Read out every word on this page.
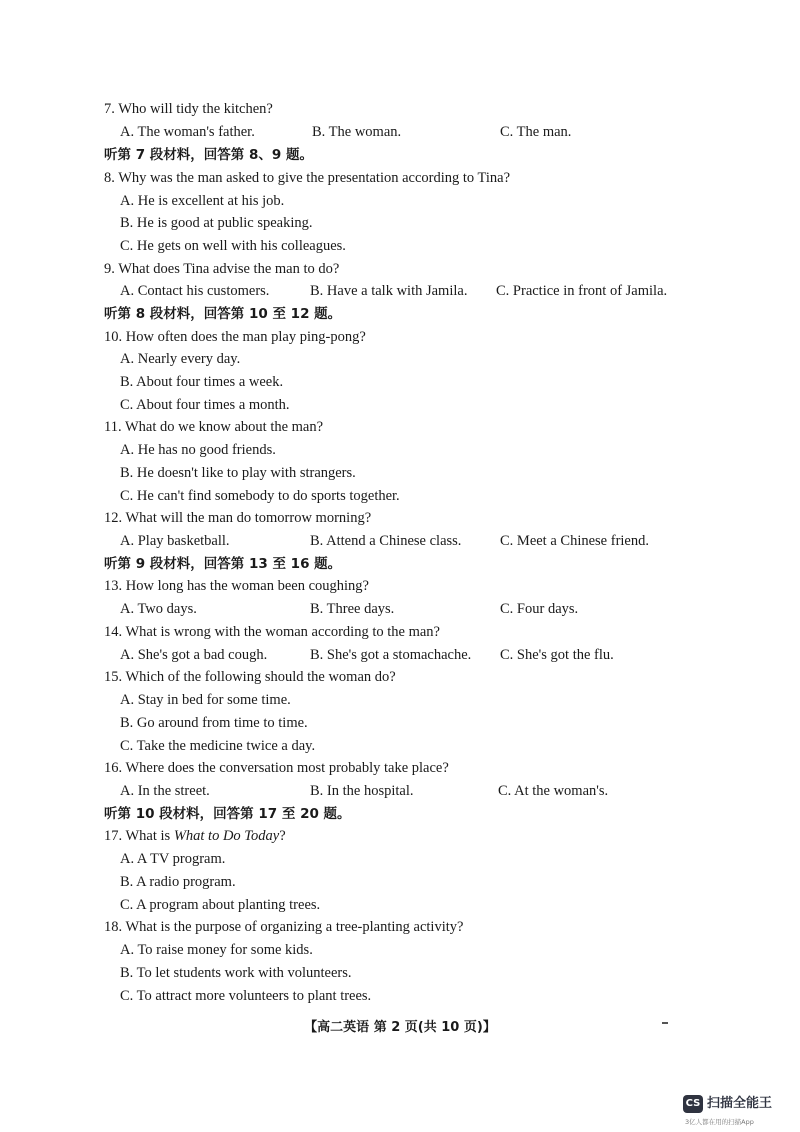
7. Who will tidy the kitchen?
A. The woman's father.	B. The woman.	C. The man.
听第 7 段材料，回答第 8、9 题。
8. Why was the man asked to give the presentation according to Tina?
A. He is excellent at his job.
B. He is good at public speaking.
C. He gets on well with his colleagues.
9. What does Tina advise the man to do?
A. Contact his customers.	B. Have a talk with Jamila. C. Practice in front of Jamila.
听第 8 段材料，回答第 10 至 12 题。
10. How often does the man play ping-pong?
A. Nearly every day.
B. About four times a week.
C. About four times a month.
11. What do we know about the man?
A. He has no good friends.
B. He doesn't like to play with strangers.
C. He can't find somebody to do sports together.
12. What will the man do tomorrow morning?
A. Play basketball.	B. Attend a Chinese class.	C. Meet a Chinese friend.
听第 9 段材料，回答第 13 至 16 题。
13. How long has the woman been coughing?
A. Two days.	B. Three days.	C. Four days.
14. What is wrong with the woman according to the man?
A. She's got a bad cough.	B. She's got a stomachache. C. She's got the flu.
15. Which of the following should the woman do?
A. Stay in bed for some time.
B. Go around from time to time.
C. Take the medicine twice a day.
16. Where does the conversation most probably take place?
A. In the street.	B. In the hospital.	C. At the woman's.
听第 10 段材料，回答第 17 至 20 题。
17. What is What to Do Today?
A. A TV program.
B. A radio program.
C. A program about planting trees.
18. What is the purpose of organizing a tree-planting activity?
A. To raise money for some kids.
B. To let students work with volunteers.
C. To attract more volunteers to plant trees.
【高二英语 第 2 页(共 10 页)】
CS 扫描全能王
3亿人都在用的扫描App
